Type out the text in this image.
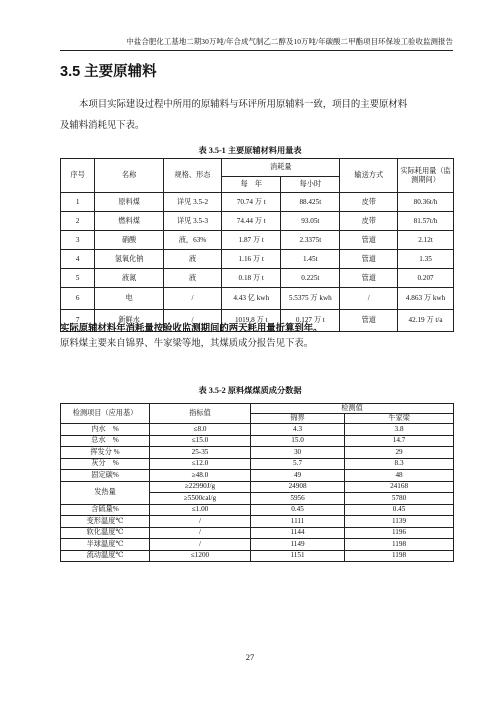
中盐合肥化工基地二期30万吨/年合成气制乙二醇及10万吨/年碳酸二甲酯项目环保竣工验收监测报告
3.5 主要原辅料
本项目实际建设过程中所用的原辅料与环评所用原辅料一致，项目的主要原材料
及辅料消耗见下表。
表 3.5-1 主要原辅材料用量表
序号	名称	规格、形态	消耗量		输送方式	实际耗用量（监测期间）
			每　年	每小时		
1	原料煤	详见 3.5-2	70.74 万 t	88.425t	皮带	80.36t/h
2	燃料煤	详见 3.5-3	74.44 万 t	93.05t	皮带	81.57t/h
3	硝酸	液，63%	1.87 万 t	2.3375t	管道	2.12t
4	氢氧化钠	液	1.16 万 t	1.45t	管道	1.35
5	液氮	液	0.18 万 t	0.225t	管道	0.207
6	电	/	4.43 亿 kwh	5.5375 万 kwh	/	4.863 万 kwh
7	新鲜水	/	1019.8 万 t	0.127 万 t	管道	42.19 万 t/a
实际原辅材料年消耗量按验收监测期间的两天耗用量折算到年。
原料煤主要来自锦界、牛家梁等地，其煤质成分报告见下表。
表 3.5-2 原料煤煤质成分数据
检测项目（应用基）	指标值	检测值	
		锦界	牛家梁
内水　%	≤8.0	4.3	3.8
总水　%	≤15.0	15.0	14.7
挥发分 %	25-35	30	29
灰分　%	≤12.0	5.7	8.3
固定碳%	≥48.0	49	48
发热量	≥22990J/g	24908	24168
	≥5500cal/g	5956	5780
含硫量%	≤1.00	0.45	0.45
变形温度℃	/	1111	1139
软化温度℃	/	1144	1196
半球温度℃	/	1149	1198
流动温度℃	≤1200	1151	1198
27
